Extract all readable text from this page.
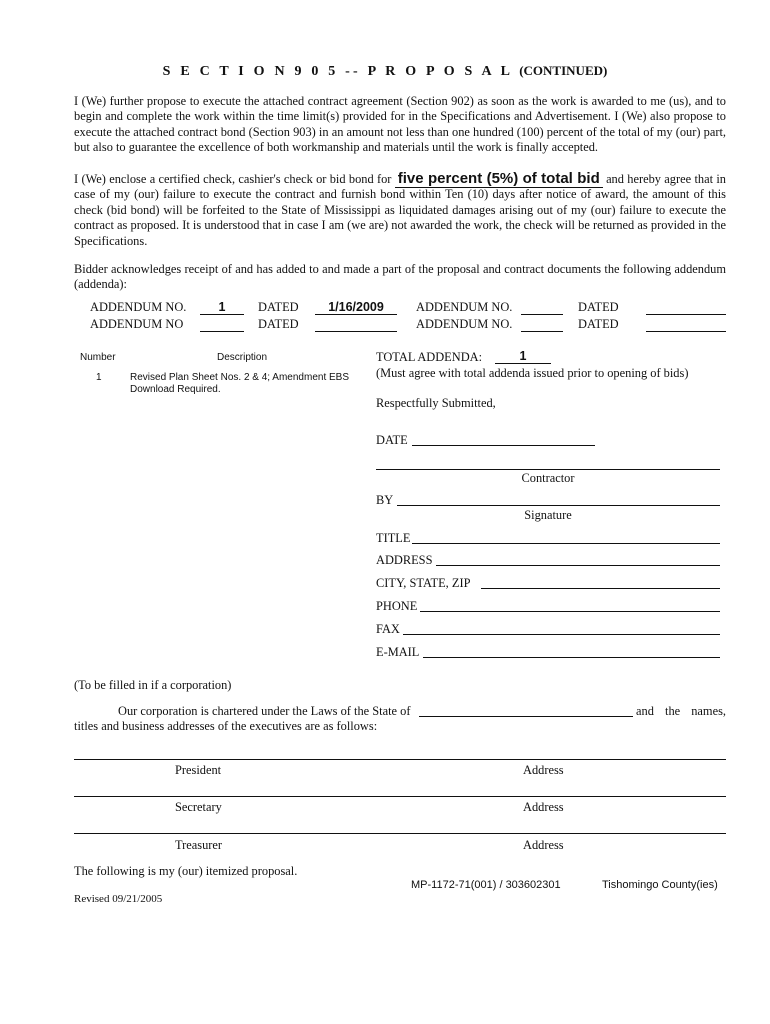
S E C T I O N 9 0 5 -- P R O P O S A L (CONTINUED)
I (We) further propose to execute the attached contract agreement (Section 902) as soon as the work is awarded to me (us), and to begin and complete the work within the time limit(s) provided for in the Specifications and Advertisement. I (We) also propose to execute the attached contract bond (Section 903) in an amount not less than one hundred (100) percent of the total of my (our) part, but also to guarantee the excellence of both workmanship and materials until the work is finally accepted.
I (We) enclose a certified check, cashier's check or bid bond for five percent (5%) of total bid and hereby agree that in case of my (our) failure to execute the contract and furnish bond within Ten (10) days after notice of award, the amount of this check (bid bond) will be forfeited to the State of Mississippi as liquidated damages arising out of my (our) failure to execute the contract as proposed. It is understood that in case I am (we are) not awarded the work, the check will be returned as provided in the Specifications.
Bidder acknowledges receipt of and has added to and made a part of the proposal and contract documents the following addendum (addenda):
ADDENDUM NO.	1	DATED	1/16/2009	ADDENDUM NO.	DATED
ADDENDUM NO	DATED	ADDENDUM NO.	DATED
Number	Description
1	Revised Plan Sheet Nos. 2 & 4; Amendment EBS
Download Required.
TOTAL ADDENDA:	1
(Must agree with total addenda issued prior to opening of bids)
Respectfully Submitted,
DATE
Contractor
BY
Signature
TITLE
ADDRESS
CITY, STATE, ZIP
PHONE
FAX
E-MAIL
(To be filled in if a corporation)
Our corporation is chartered under the Laws of the State of	and the names,
titles and business addresses of the executives are as follows:
President	Address
Secretary	Address
Treasurer	Address
The following is my (our) itemized proposal.
MP-1172-71(001) / 303602301	Tishomingo County(ies)
Revised 09/21/2005
